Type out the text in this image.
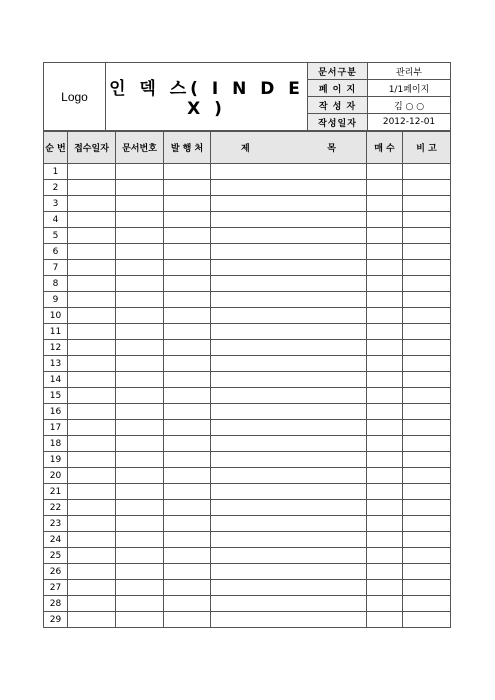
Logo	인 덱 스( I N D E X )	문서구분	관리부
		페 이 지	1/1페이지
		작 성 자	김 ○ ○
		작성일자	2012-12-01
순 번	접수일자	문서번호	발 행 처	제 목	매 수	비 고
1						
2						
3						
4						
5						
6						
7						
8						
9						
10						
11						
12						
13						
14						
15						
16						
17						
18						
19						
20						
21						
22						
23						
24						
25						
26						
27						
28						
29						
